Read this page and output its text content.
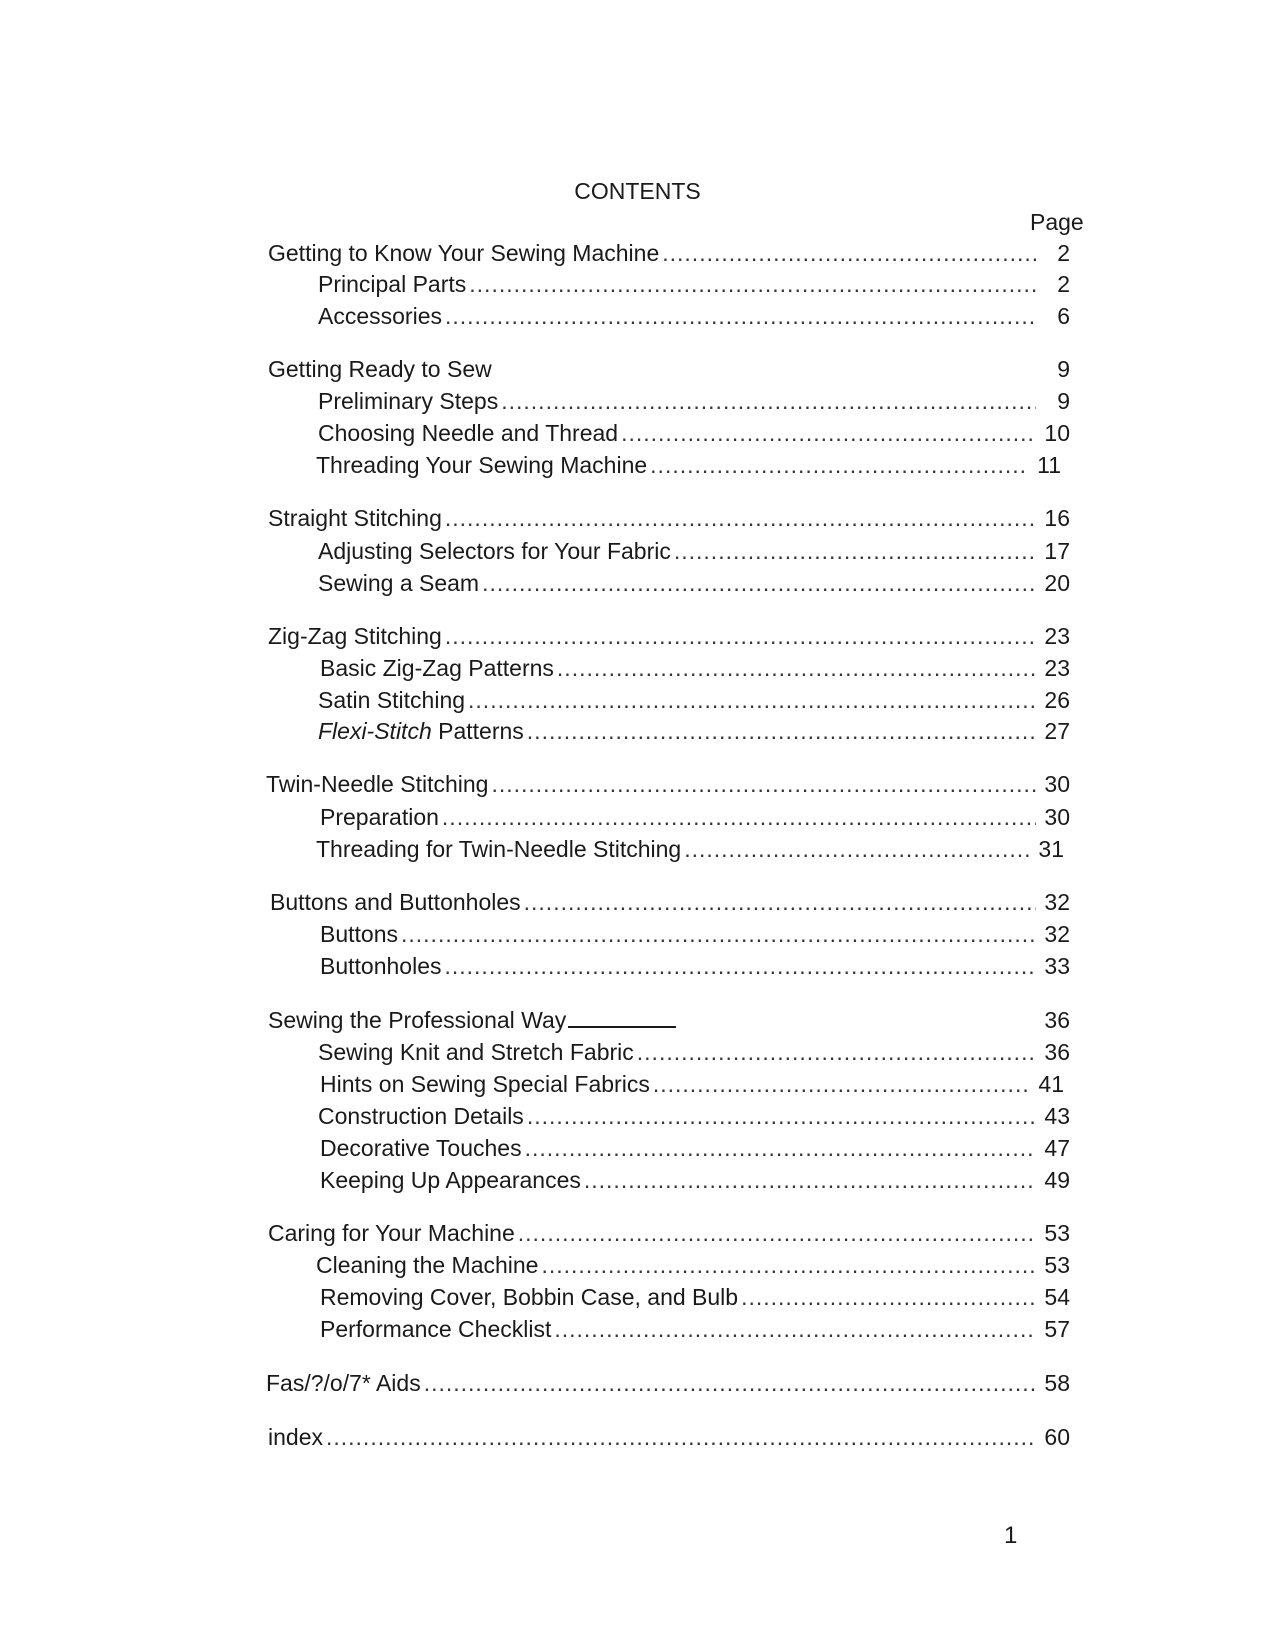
CONTENTS
Page
Getting to Know Your Sewing Machine .....	2
Principal Parts .....	2
Accessories .....	6
Getting Ready to Sew	9
Preliminary Steps .....	9
Choosing Needle and Thread .....	10
Threading Your Sewing Machine .....	11
Straight Stitching .....	16
Adjusting Selectors for Your Fabric .....	17
Sewing a Seam .....	20
Zig-Zag Stitching .....	23
Basic Zig-Zag Patterns .....	23
Satin Stitching .....	26
Flexi-Stitch Patterns .....	27
Twin-Needle Stitching .....	30
Preparation .....	30
Threading for Twin-Needle Stitching .....	31
Buttons and Buttonholes .....	32
Buttons .....	32
Buttonholes .....	33
Sewing the Professional Way	36
Sewing Knit and Stretch Fabric .....	36
Hints on Sewing Special Fabrics .....	41
Construction Details .....	43
Decorative Touches .....	47
Keeping Up Appearances .....	49
Caring for Your Machine .....	53
Cleaning the Machine .....	53
Removing Cover, Bobbin Case, and Bulb .....	54
Performance Checklist .....	57
Fas/?/o/7* Aids .....	58
index .....	60
1
